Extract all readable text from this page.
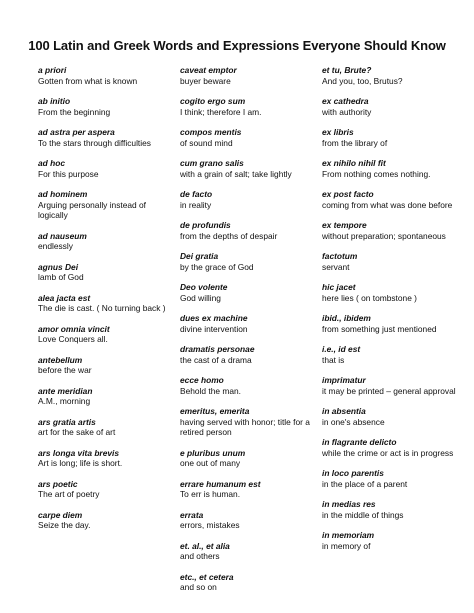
100 Latin and Greek Words and Expressions Everyone Should Know
a priori
Gotten from what is known
ab initio
From the beginning
ad astra per aspera
To the stars through difficulties
ad hoc
For this purpose
ad hominem
Arguing personally instead of logically
ad nauseum
endlessly
agnus Dei
lamb of God
alea jacta est
The die is cast. ( No turning back )
amor omnia vincit
Love Conquers all.
antebellum
before the war
ante meridian
A.M., morning
ars gratia artis
art for the sake of art
ars longa vita brevis
Art is long; life is short.
ars poetic
The art of poetry
carpe diem
Seize the day.
caveat emptor
buyer beware
cogito ergo sum
I think; therefore I am.
compos mentis
of sound mind
cum grano salis
with a grain of salt; take lightly
de facto
in reality
de profundis
from the depths of despair
Dei gratia
by the grace of God
Deo volente
God willing
dues ex machine
divine intervention
dramatis personae
the cast of a drama
ecce homo
Behold the man.
emeritus, emerita
having served with honor; title for a retired person
e pluribus unum
one out of many
errare humanum est
To err is human.
errata
errors, mistakes
et. al., et alia
and others
etc., et cetera
and so on
et tu, Brute?
And you, too, Brutus?
ex cathedra
with authority
ex libris
from the library of
ex nihilo nihil fit
From nothing comes nothing.
ex post facto
coming from what was done before
ex tempore
without preparation; spontaneous
factotum
servant
hic jacet
here lies ( on tombstone )
ibid., ibidem
from something just mentioned
i.e., id est
that is
imprimatur
it may be printed – general approval
in absentia
in one's absence
in flagrante delicto
while the crime or act is in progress
in loco parentis
in the place of a parent
in medias res
in the middle of things
in memoriam
in memory of
